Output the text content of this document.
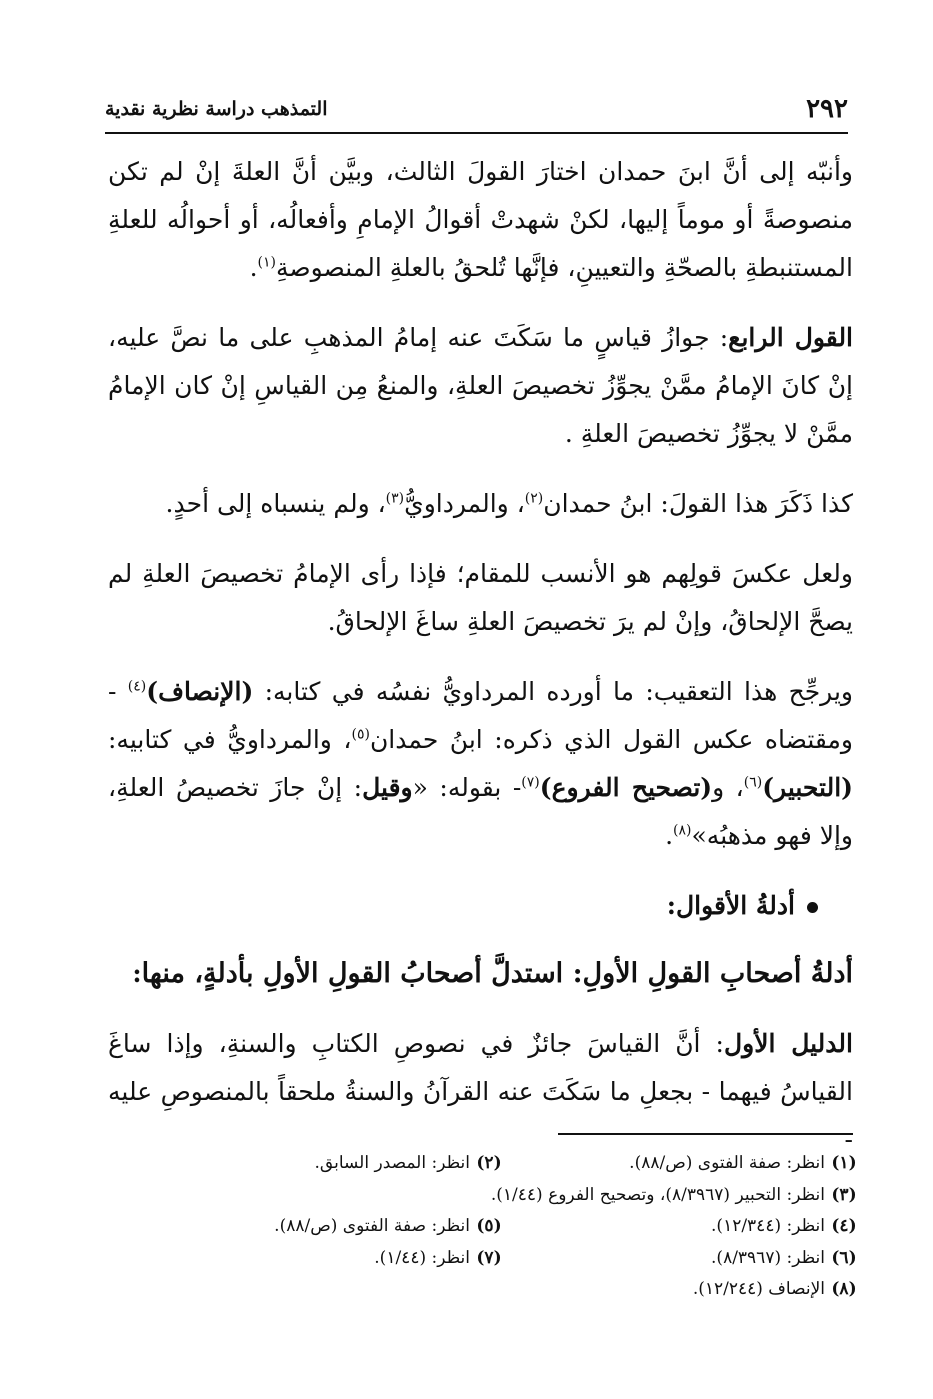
٢٩٢
التمذهب دراسة نظرية نقدية

وأنبّه إلى أنَّ ابنَ حمدان اختارَ القولَ الثالث، وبيَّن أنَّ العلةَ إنْ لم تكن منصوصةً أو موماً إليها، لكنْ شهدتْ أقوالُ الإمامِ وأفعالُه، أو أحوالُه للعلةِ المستنبطةِ بالصحّةِ والتعيينِ، فإنَّها تُلحقُ بالعلةِ المنصوصةِ$^{(١)}$.

القول الرابع: جوازُ قياسٍ ما سَكَتَ عنه إمامُ المذهبِ على ما نصَّ عليه، إنْ كانَ الإمامُ ممَّنْ يجوِّزُ تخصيصَ العلةِ، والمنعُ مِن القياسِ إنْ كان الإمامُ ممَّنْ لا يجوِّزُ تخصيصَ العلةِ .

كذا ذَكَرَ هذا القولَ: ابنُ حمدان$^{(٢)}$، والمرداويُّ$^{(٣)}$، ولم ينسباه إلى أحدٍ.

ولعل عكسَ قولِهم هو الأنسب للمقام؛ فإذا رأى الإمامُ تخصيصَ العلةِ لم يصحَّ الإلحاقُ، وإنْ لم يرَ تخصيصَ العلةِ ساغَ الإلحاقُ.

ويرجِّح هذا التعقيب: ما أورده المرداويُّ نفسُه في كتابه: (الإنصاف)$^{(٤)}$ - ومقتضاه عكس القول الذي ذكره: ابنُ حمدان$^{(٥)}$، والمرداويُّ في كتابيه: (التحبير)$^{(٦)}$، و(تصحيح الفروع)$^{(٧)}$- بقوله: «وقيل: إنْ جازَ تخصيصُ العلةِ، وإلا فهو مذهبُه»$^{(٨)}$.

أدلةُ الأقوال:

أدلةُ أصحابِ القولِ الأولِ: استدلَّ أصحابُ القولِ الأولِ بأدلةٍ، منها:

الدليل الأول: أنَّ القياسَ جائزٌ في نصوصِ الكتابِ والسنةِ، وإذا ساغَ القياسُ فيهما - بجعلِ ما سَكَتَ عنه القرآنُ والسنةُ ملحقاً بالمنصوصِ عليه -

(١)
انظر: صفة الفتوى (ص/٨٨).
(٢)
انظر: المصدر السابق.
(٣)
انظر: التحبير (٨/٣٩٦٧)، وتصحيح الفروع (١/٤٤).
(٤)
انظر: (١٢/٣٤٤).
(٥)
انظر: صفة الفتوى (ص/٨٨).
(٦)
انظر: (٨/٣٩٦٧).
(٧)
انظر: (١/٤٤).
(٨)
الإنصاف (١٢/٢٤٤).
